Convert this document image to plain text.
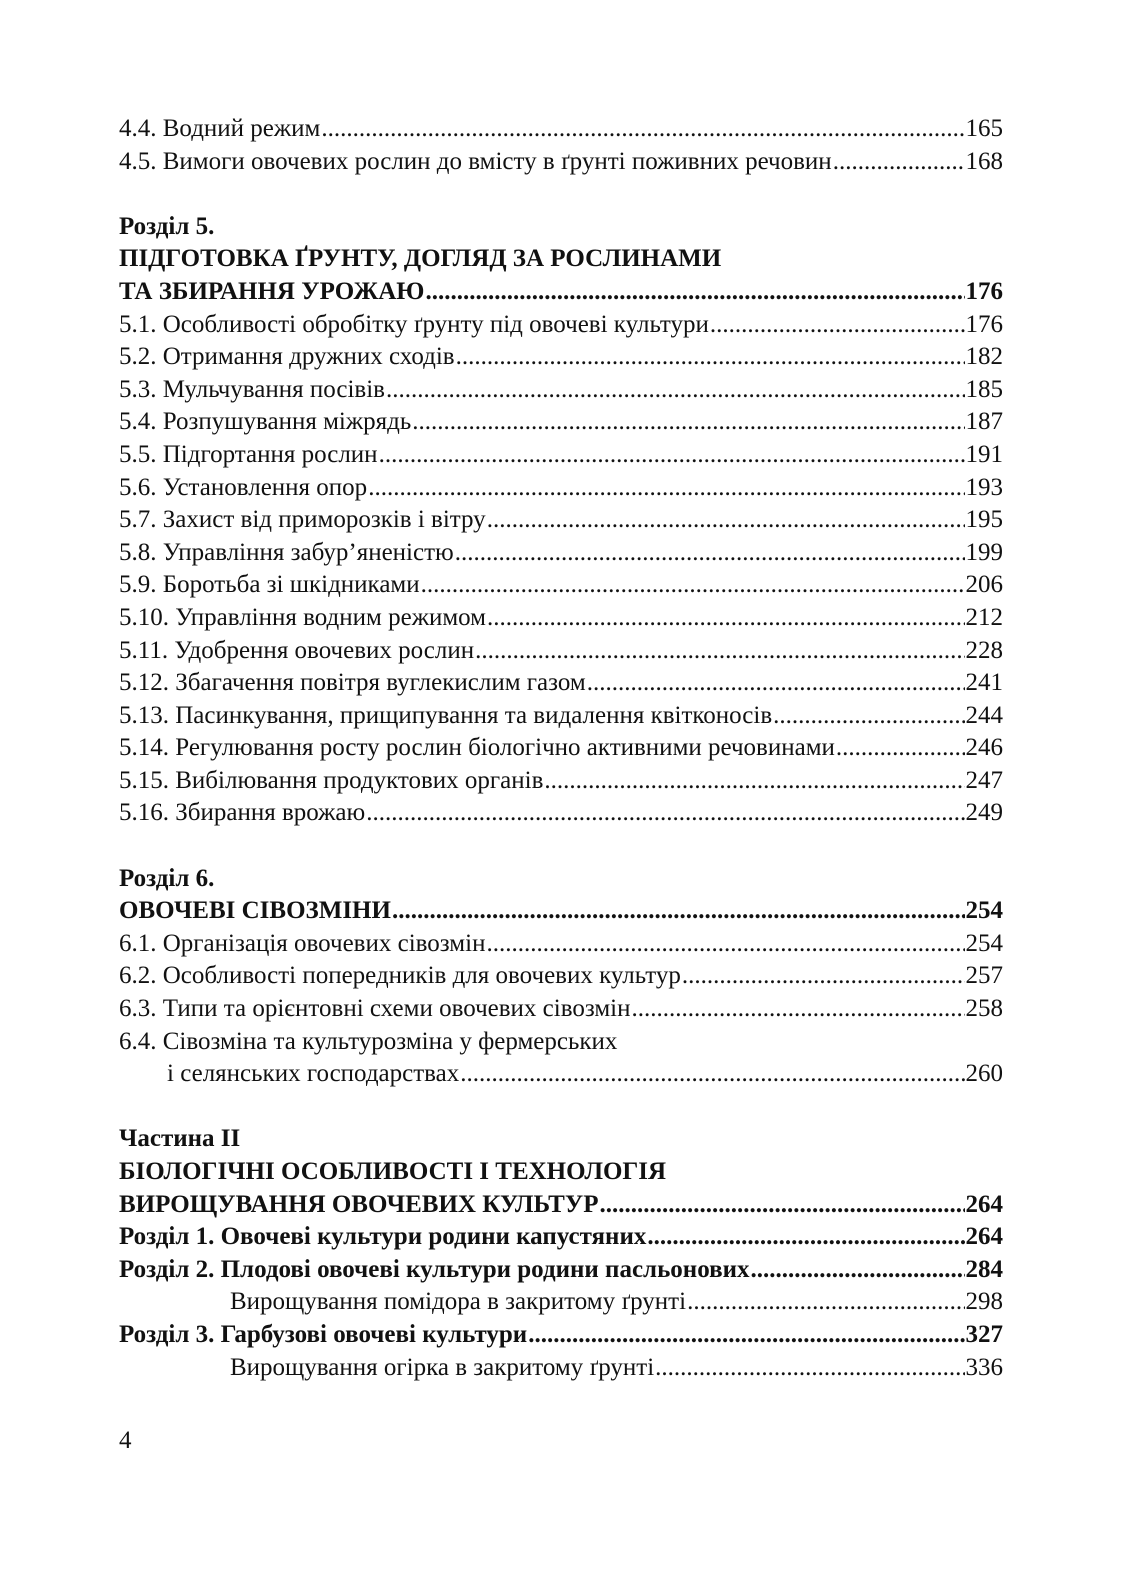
4.4. Водний режим .....	165
4.5. Вимоги овочевих рослин до вмісту в ґрунті поживних речовин .....	168
Розділ 5.
ПІДГОТОВКА ҐРУНТУ, ДОГЛЯД ЗА РОСЛИНАМИ
ТА ЗБИРАННЯ УРОЖАЮ .....	176
5.1. Особливості обробітку ґрунту під овочеві культури .....	176
5.2. Отримання дружних сходів .....	182
5.3. Мульчування посівів .....	185
5.4. Розпушування міжрядь .....	187
5.5. Підгортання рослин .....	191
5.6. Установлення опор .....	193
5.7. Захист від приморозків і вітру .....	195
5.8. Управління забур’яненістю .....	199
5.9. Боротьба зі шкідниками .....	206
5.10. Управління водним режимом .....	212
5.11. Удобрення овочевих рослин .....	228
5.12. Збагачення повітря вуглекислим газом .....	241
5.13. Пасинкування, прищипування та видалення квітконосів .....	244
5.14. Регулювання росту рослин біологічно активними речовинами .....	246
5.15. Вибілювання продуктових органів .....	247
5.16. Збирання врожаю .....	249
Розділ 6.
ОВОЧЕВІ СІВОЗМІНИ .....	254
6.1. Організація овочевих сівозмін .....	254
6.2. Особливості попередників для овочевих культур .....	257
6.3. Типи та орієнтовні схеми овочевих сівозмін .....	258
6.4. Сівозміна та культурозміна у фермерських
і селянських господарствах .....	260
Частина II
БІОЛОГІЧНІ ОСОБЛИВОСТІ І ТЕХНОЛОГІЯ
ВИРОЩУВАННЯ ОВОЧЕВИХ КУЛЬТУР .....	264
Розділ 1. Овочеві культури родини капустяних .....	264
Розділ 2. Плодові овочеві культури родини пасльонових .....	284
Вирощування помідора в закритому ґрунті .....	298
Розділ 3. Гарбузові овочеві культури .....	327
Вирощування огірка в закритому ґрунті .....	336
4
